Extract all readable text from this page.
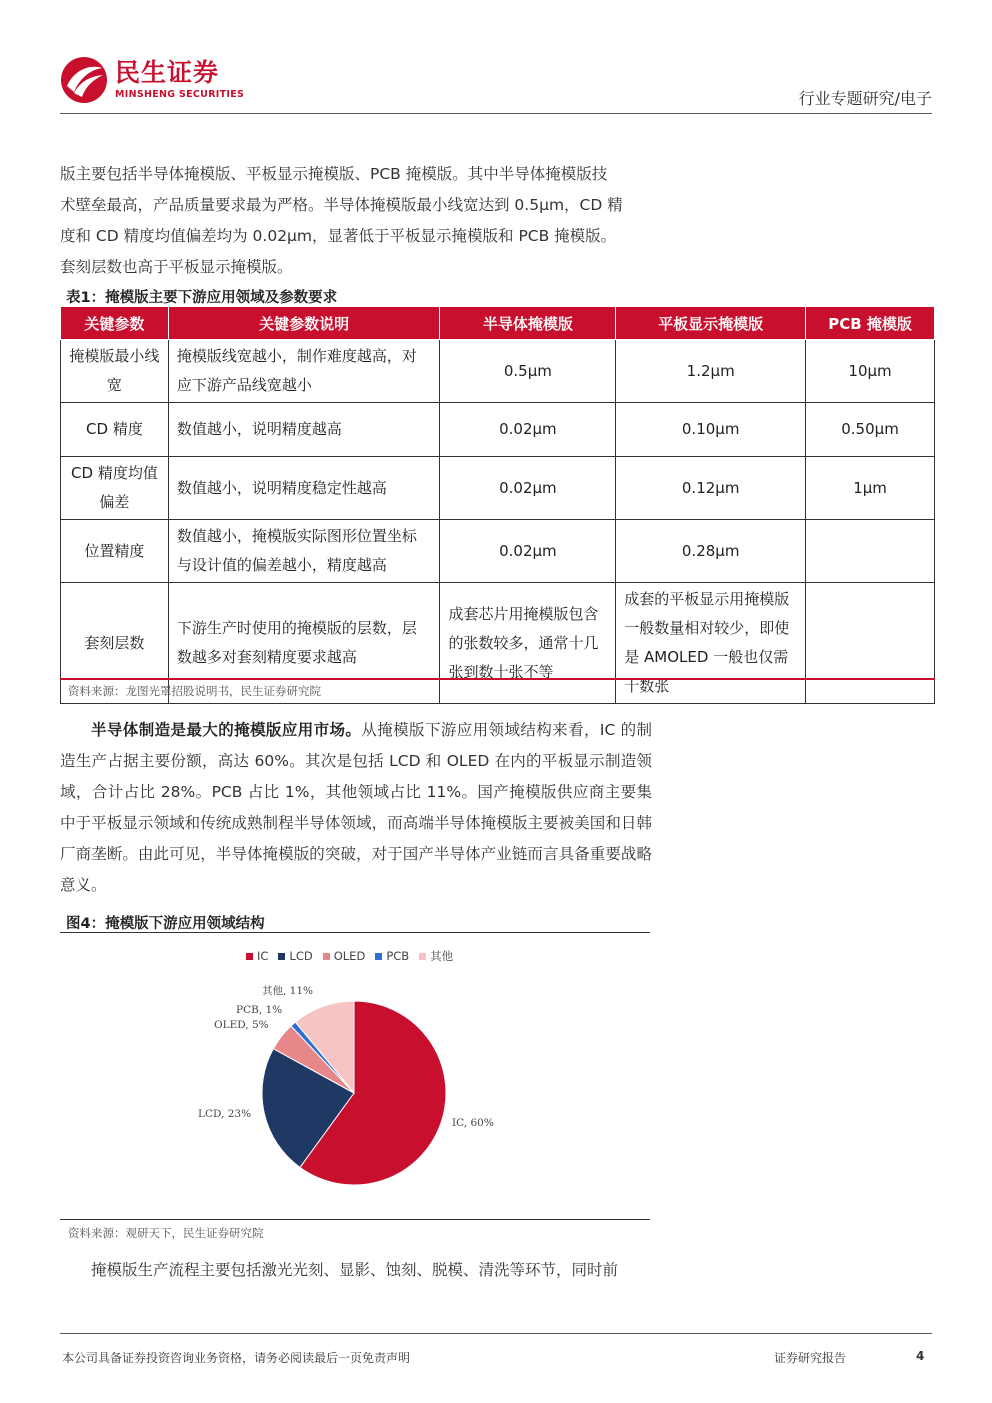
民生证券
MINSHENG SECURITIES	行业专题研究/电子
版主要包括半导体掩模版、平板显示掩模版、PCB 掩模版。其中半导体掩模版技
术壁垒最高，产品质量要求最为严格。半导体掩模版最小线宽达到 0.5μm，CD 精
度和 CD 精度均值偏差均为 0.02μm，显著低于平板显示掩模版和 PCB 掩模版。
套刻层数也高于平板显示掩模版。
表1：掩模版主要下游应用领域及参数要求
关键参数	关键参数说明	半导体掩模版	平板显示掩模版	PCB 掩模版
掩模版最小线宽	掩模版线宽越小，制作难度越高，对应下游产品线宽越小	0.5μm	1.2μm	10μm
CD 精度	数值越小，说明精度越高	0.02μm	0.10μm	0.50μm
CD 精度均值偏差	数值越小，说明精度稳定性越高	0.02μm	0.12μm	1μm
位置精度	数值越小，掩模版实际图形位置坐标与设计值的偏差越小，精度越高	0.02μm	0.28μm	
套刻层数	下游生产时使用的掩模版的层数，层数越多对套刻精度要求越高	成套芯片用掩模版包含的张数较多，通常十几张到数十张不等	成套的平板显示用掩模版一般数量相对较少，即使是 AMOLED 一般也仅需十数张	
资料来源：龙图光罩招股说明书，民生证券研究院
半导体制造是最大的掩模版应用市场。从掩模版下游应用领域结构来看，IC 的制造生产占据主要份额，高达 60%。其次是包括 LCD 和 OLED 在内的平板显示制造领域，合计占比 28%。PCB 占比 1%，其他领域占比 11%。国产掩模版供应商主要集中于平板显示领域和传统成熟制程半导体领域，而高端半导体掩模版主要被美国和日韩厂商垄断。由此可见，半导体掩模版的突破，对于国产半导体产业链而言具备重要战略意义。
图4：掩模版下游应用领域结构
IC LCD OLED PCB 其他
IC, 60%
LCD, 23%
OLED, 5%
PCB, 1%
其他, 11%
资料来源：观研天下，民生证券研究院
掩模版生产流程主要包括激光光刻、显影、蚀刻、脱模、清洗等环节，同时前
本公司具备证券投资咨询业务资格，请务必阅读最后一页免责声明	证券研究报告	4
